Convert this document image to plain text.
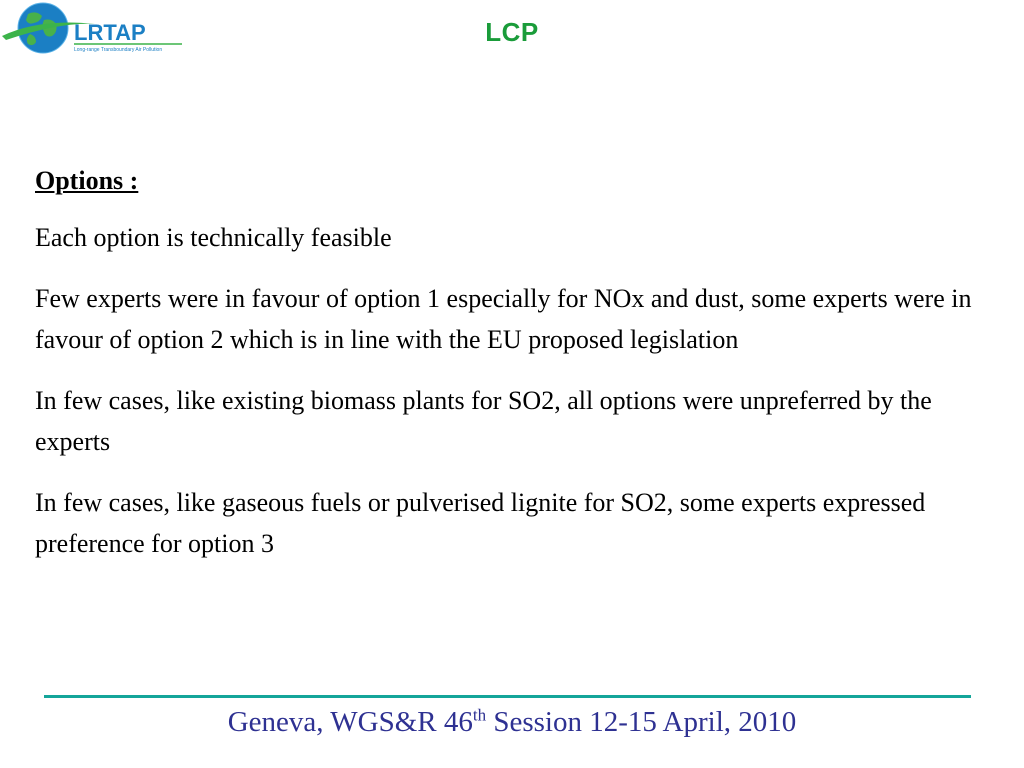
LRTAP
Long-range Transboundary Air Pollution
LCP

Options :

Each option is technically feasible

Few experts were in favour of option 1 especially for NOx and dust, some experts were in favour of option 2 which is in line with the EU proposed legislation

In few cases, like existing biomass plants for SO2, all options were unpreferred by the experts

In few cases, like gaseous fuels or pulverised lignite for SO2, some experts expressed preference for option 3

Geneva, WGS&R 46th Session 12-15 April, 2010
